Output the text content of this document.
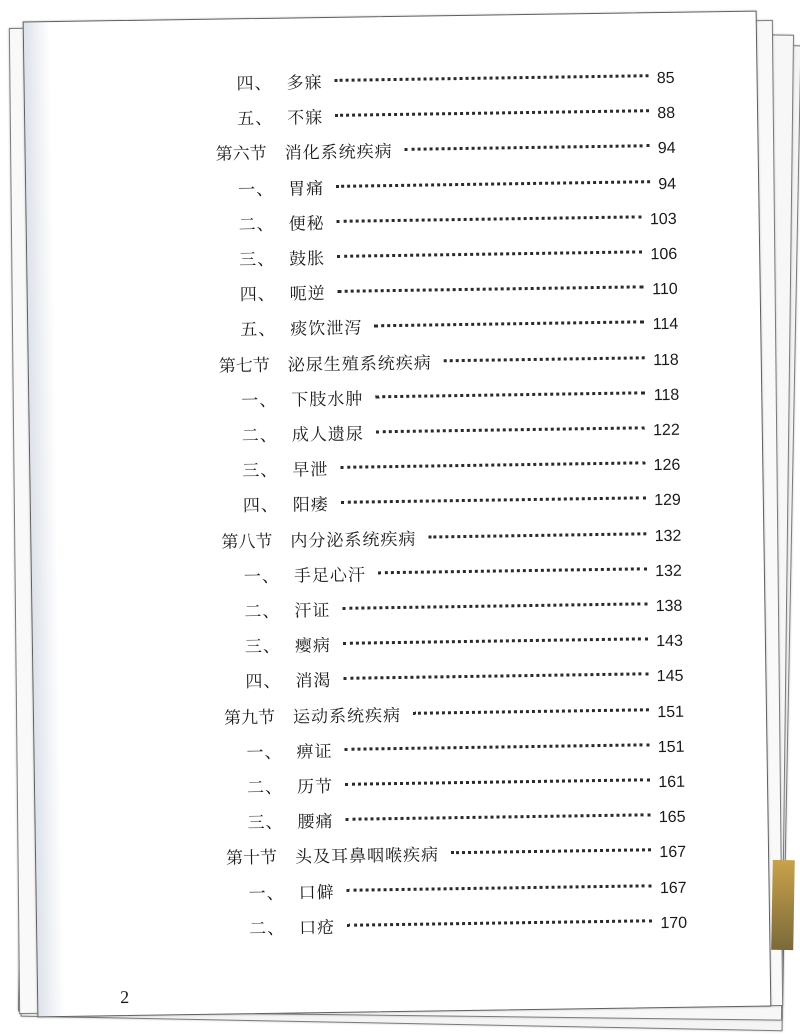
四、 多寐	85
五、 不寐	88
第六节 消化系统疾病	94
一、 胃痛	94
二、 便秘	103
三、 鼓胀	106
四、 呃逆	110
五、 痰饮泄泻	114
第七节 泌尿生殖系统疾病	118
一、 下肢水肿	118
二、 成人遗尿	122
三、 早泄	126
四、 阳痿	129
第八节 内分泌系统疾病	132
一、 手足心汗	132
二、 汗证	138
三、 瘿病	143
四、 消渴	145
第九节 运动系统疾病	151
一、 痹证	151
二、 历节	161
三、 腰痛	165
第十节 头及耳鼻咽喉疾病	167
一、 口僻	167
二、 口疮	170
2
